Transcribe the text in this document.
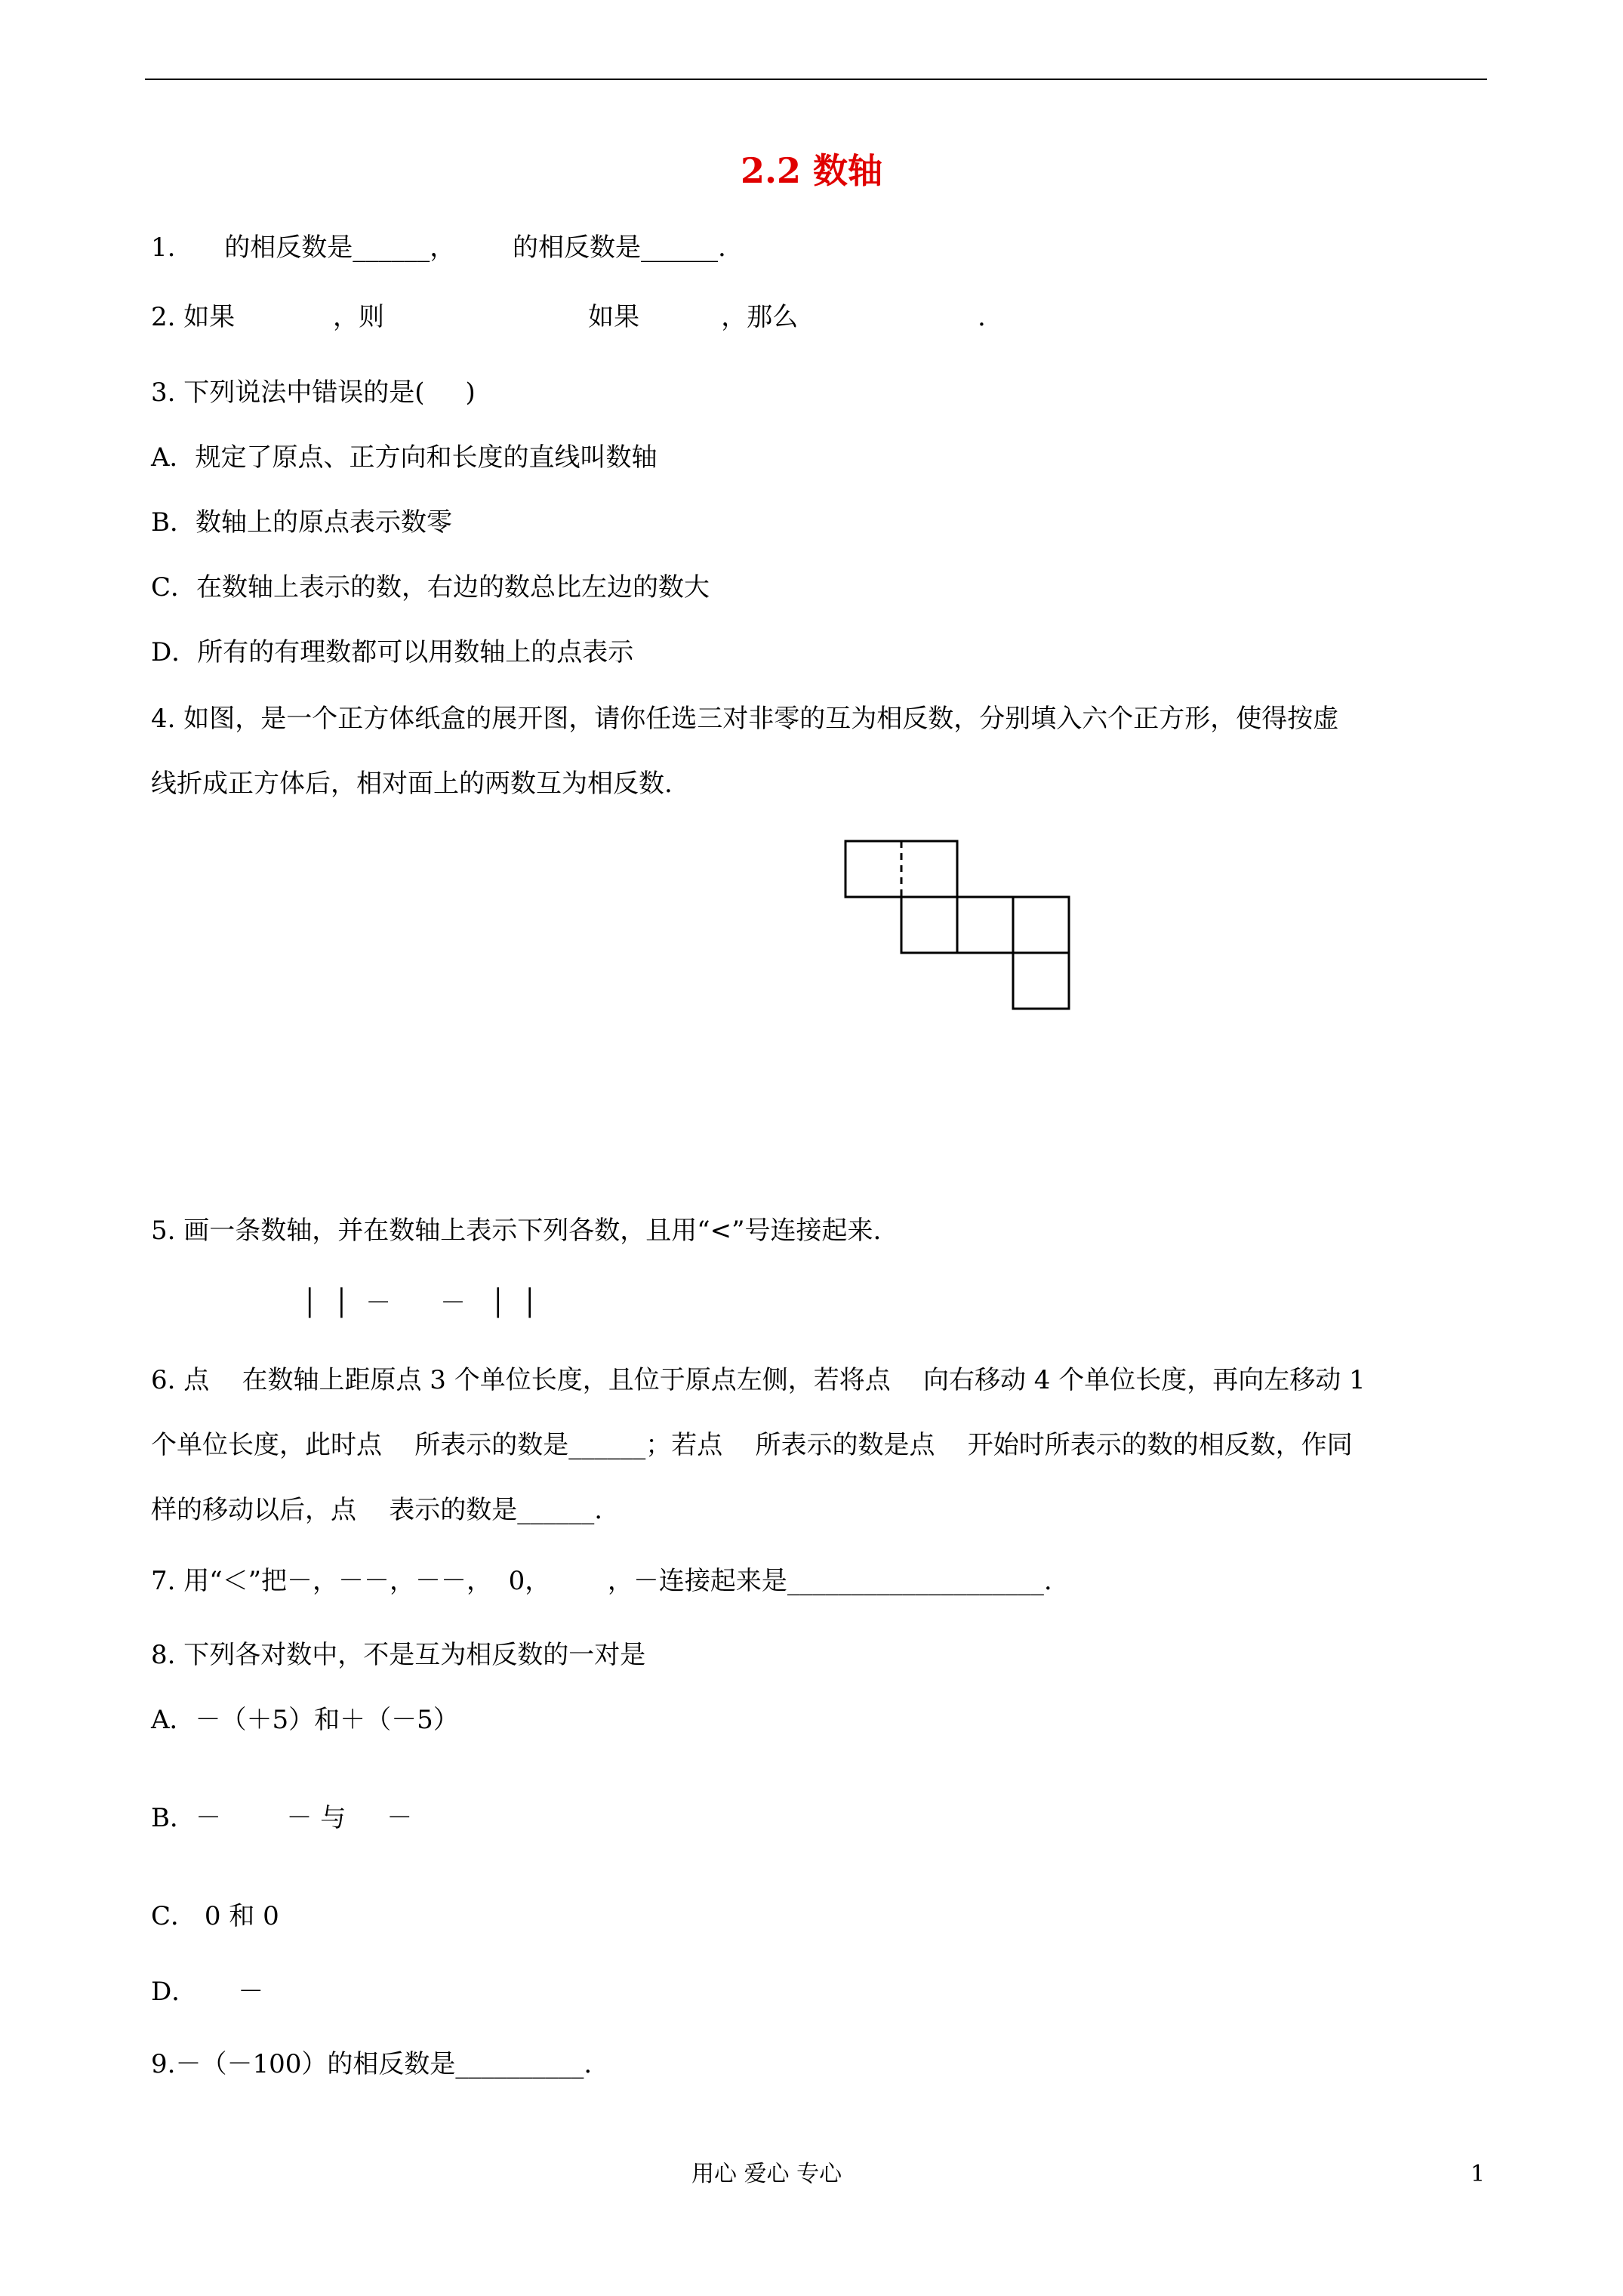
2.2 数轴
1.      的相反数是______，       的相反数是______.
2. 如果            ，则                         如果          ，那么                      .
3. 下列说法中错误的是(     )
A．规定了原点、正方向和长度的直线叫数轴
B．数轴上的原点表示数零
C．在数轴上表示的数，右边的数总比左边的数大
D．所有的有理数都可以用数轴上的点表示
4. 如图，是一个正方体纸盒的展开图，请你任选三对非零的互为相反数，分别填入六个正方形，使得按虚
线折成正方体后，相对面上的两数互为相反数.
5. 画一条数轴，并在数轴上表示下列各数，且用“<”号连接起来.
│  │  －      －   │  │
6. 点    在数轴上距原点 3 个单位长度，且位于原点左侧，若将点    向右移动 4 个单位长度，再向左移动 1
个单位长度，此时点    所表示的数是______；若点    所表示的数是点    开始时所表示的数的相反数，作同
样的移动以后，点    表示的数是______.
7. 用“＜”把－，－－，－－，  0，       ，－连接起来是____________________.
8. 下列各对数中，不是互为相反数的一对是
A．－（＋5）和＋（－5）
B．－        － 与     －
C． 0 和 0
D．     －
9.－（－100）的相反数是__________.
用心 爱心 专心	1
